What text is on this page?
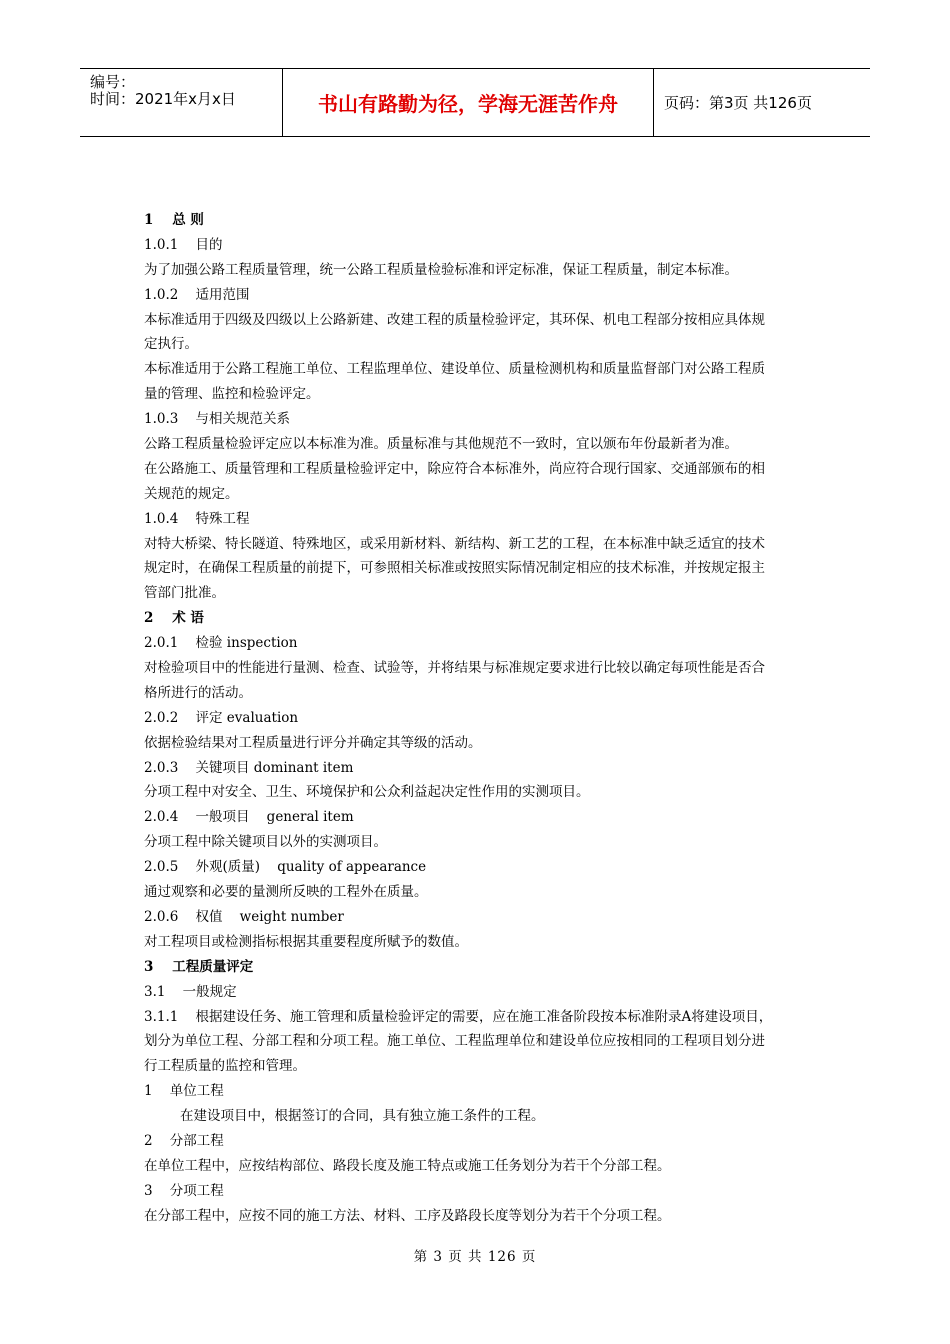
编号：
时间：2021年x月x日	书山有路勤为径，学海无涯苦作舟	页码：第3页 共126页
1    总 则
1.0.1    目的
为了加强公路工程质量管理，统一公路工程质量检验标准和评定标准，保证工程质量，制定本标准。
1.0.2    适用范围
本标准适用于四级及四级以上公路新建、改建工程的质量检验评定，其环保、机电工程部分按相应具体规
定执行。
本标准适用于公路工程施工单位、工程监理单位、建设单位、质量检测机构和质量监督部门对公路工程质
量的管理、监控和检验评定。
1.0.3    与相关规范关系
公路工程质量检验评定应以本标准为准。质量标准与其他规范不一致时，宜以颁布年份最新者为准。
在公路施工、质量管理和工程质量检验评定中，除应符合本标准外，尚应符合现行国家、交通部颁布的相
关规范的规定。
1.0.4    特殊工程
对特大桥梁、特长隧道、特殊地区，或采用新材料、新结构、新工艺的工程，在本标准中缺乏适宜的技术
规定时，在确保工程质量的前提下，可参照相关标准或按照实际情况制定相应的技术标准，并按规定报主
管部门批准。
2    术 语
2.0.1    检验 inspection
对检验项目中的性能进行量测、检查、试验等，并将结果与标准规定要求进行比较以确定每项性能是否合
格所进行的活动。
2.0.2    评定 evaluation
依据检验结果对工程质量进行评分并确定其等级的活动。
2.0.3    关键项目 dominant item
分项工程中对安全、卫生、环境保护和公众利益起决定性作用的实测项目。
2.0.4    一般项目    general item
分项工程中除关键项目以外的实测项目。
2.0.5    外观(质量)    quality of appearance
通过观察和必要的量测所反映的工程外在质量。
2.0.6    权值    weight number
对工程项目或检测指标根据其重要程度所赋予的数值。
3    工程质量评定
3.1    一般规定
3.1.1    根据建设任务、施工管理和质量检验评定的需要，应在施工准备阶段按本标准附录A将建设项目，
划分为单位工程、分部工程和分项工程。施工单位、工程监理单位和建设单位应按相同的工程项目划分进
行工程质量的监控和管理。
1    单位工程
在建设项目中，根据签订的合同，具有独立施工条件的工程。
2    分部工程
在单位工程中，应按结构部位、路段长度及施工特点或施工任务划分为若干个分部工程。
3    分项工程
在分部工程中，应按不同的施工方法、材料、工序及路段长度等划分为若干个分项工程。
第 3 页 共 126 页
